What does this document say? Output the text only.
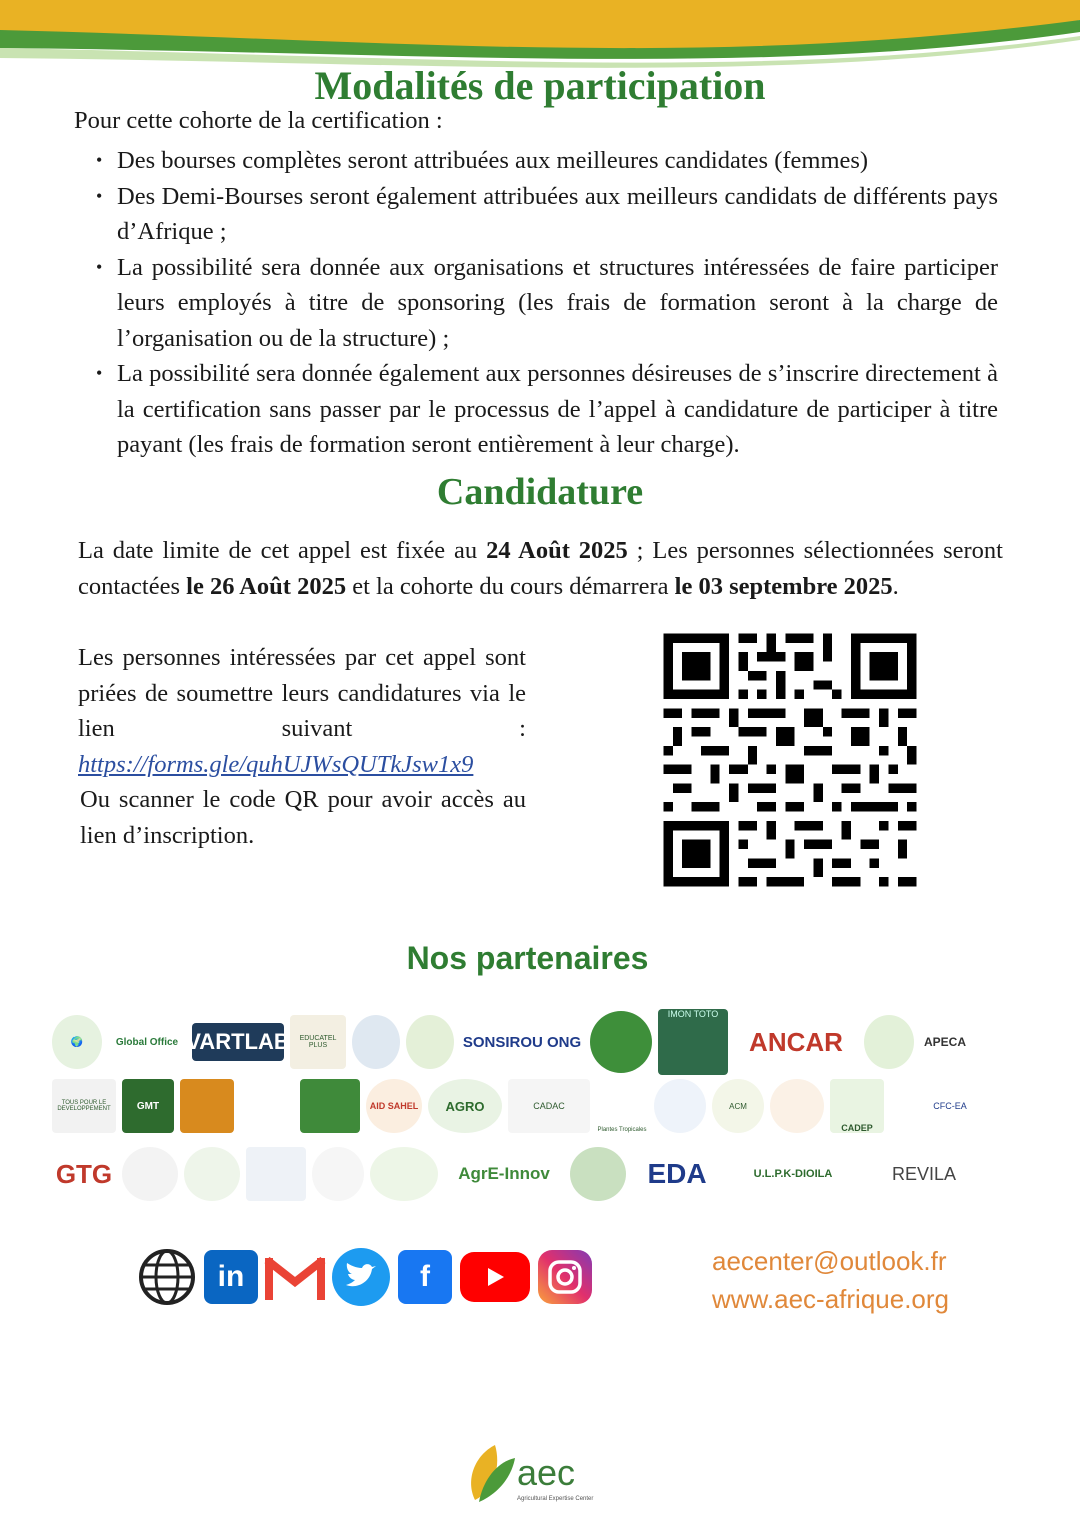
Modalités de participation
Pour cette cohorte de la certification :
• Des bourses complètes seront attribuées aux meilleures candidates (femmes)
• Des Demi-Bourses seront également attribuées aux meilleurs candidats de différents pays d’Afrique ;
• La possibilité sera donnée aux organisations et structures intéressées de faire participer leurs employés à titre de sponsoring (les frais de formation seront à la charge de l’organisation ou de la structure) ;
• La possibilité sera donnée également aux personnes désireuses de s’inscrire directement à la certification sans passer par le processus de l’appel à candidature de participer à titre payant (les frais de formation seront entièrement à leur charge).
Candidature
La date limite de cet appel est fixée au 24 Août 2025 ; Les personnes sélectionnées seront contactées le 26 Août 2025 et la cohorte du cours démarrera le 03 septembre 2025.
Les personnes intéressées par cet appel sont priées de soumettre leurs candidatures via le lien suivant : https://forms.gle/quhUJWsQUTkJsw1x9
Ou scanner le code QR pour avoir accès au lien d’inscription.
Nos partenaires
🌍	Global Office VARTLAB	EDUCATEL PLUS	SONSIROU ONG
IMON TOTO
ANCAR	APECA
TOUS POUR LE DEVELOPPEMENT	GMT	AID SAHEL	AGRO	CADAC
Plantes Tropicales
ACM
CADEP
CFC-EA
GTG	AgrE-Innov	EDA	U.L.P.K-DIOILA	REVILA
in	f	aecenter@outlook.fr
www.aec-afrique.org
aec
Agricultural Expertise Center
